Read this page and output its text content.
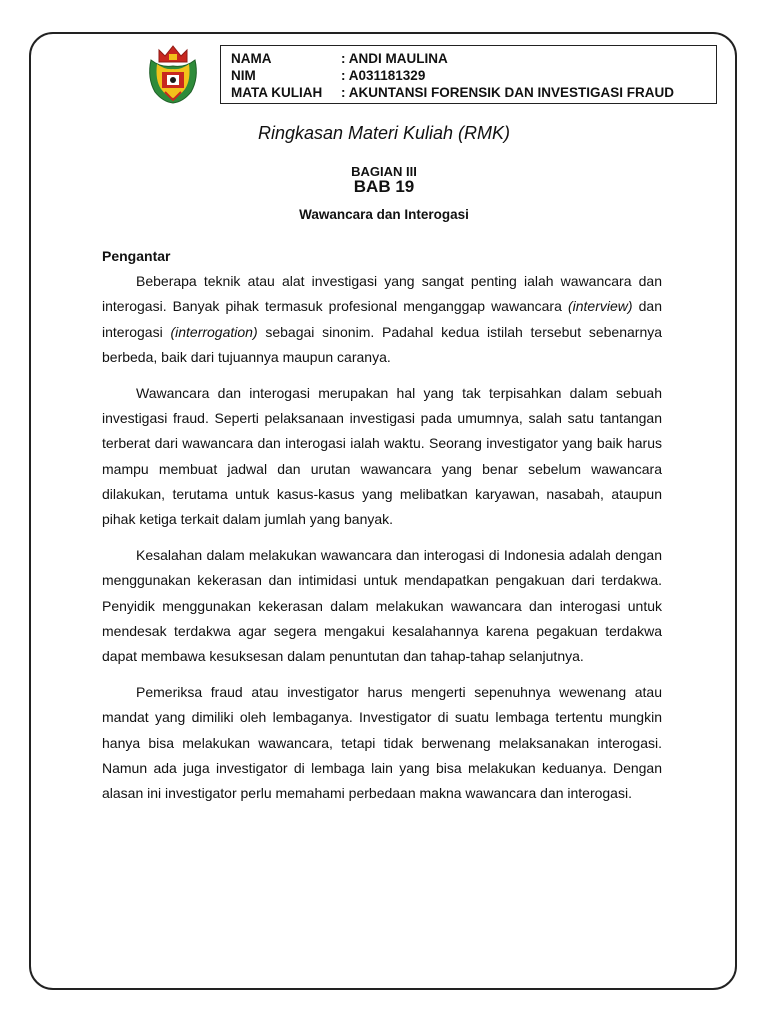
NAMA	: ANDI MAULINA
NIM	: A031181329
MATA KULIAH	: AKUNTANSI FORENSIK DAN INVESTIGASI FRAUD
Ringkasan Materi Kuliah (RMK)
BAGIAN III
BAB 19
Wawancara dan Interogasi

Pengantar

Beberapa teknik atau alat investigasi yang sangat penting ialah wawancara dan interogasi. Banyak pihak termasuk profesional menganggap wawancara (interview) dan interogasi (interrogation) sebagai sinonim. Padahal kedua istilah tersebut sebenarnya berbeda, baik dari tujuannya maupun caranya.

Wawancara dan interogasi merupakan hal yang tak terpisahkan dalam sebuah investigasi fraud. Seperti pelaksanaan investigasi pada umumnya, salah satu tantangan terberat dari wawancara dan interogasi ialah waktu. Seorang investigator yang baik harus mampu membuat jadwal dan urutan wawancara yang benar sebelum wawancara dilakukan, terutama untuk kasus-kasus yang melibatkan karyawan, nasabah, ataupun pihak ketiga terkait dalam jumlah yang banyak.

Kesalahan dalam melakukan wawancara dan interogasi di Indonesia adalah dengan menggunakan kekerasan dan intimidasi untuk mendapatkan pengakuan dari terdakwa. Penyidik menggunakan kekerasan dalam melakukan wawancara dan interogasi untuk mendesak terdakwa agar segera mengakui kesalahannya karena pegakuan terdakwa dapat membawa kesuksesan dalam penuntutan dan tahap-tahap selanjutnya.

Pemeriksa fraud atau investigator harus mengerti sepenuhnya wewenang atau mandat yang dimiliki oleh lembaganya. Investigator di suatu lembaga tertentu mungkin hanya bisa melakukan wawancara, tetapi tidak berwenang melaksanakan interogasi. Namun ada juga investigator di lembaga lain yang bisa melakukan keduanya. Dengan alasan ini investigator perlu memahami perbedaan makna wawancara dan interogasi.
